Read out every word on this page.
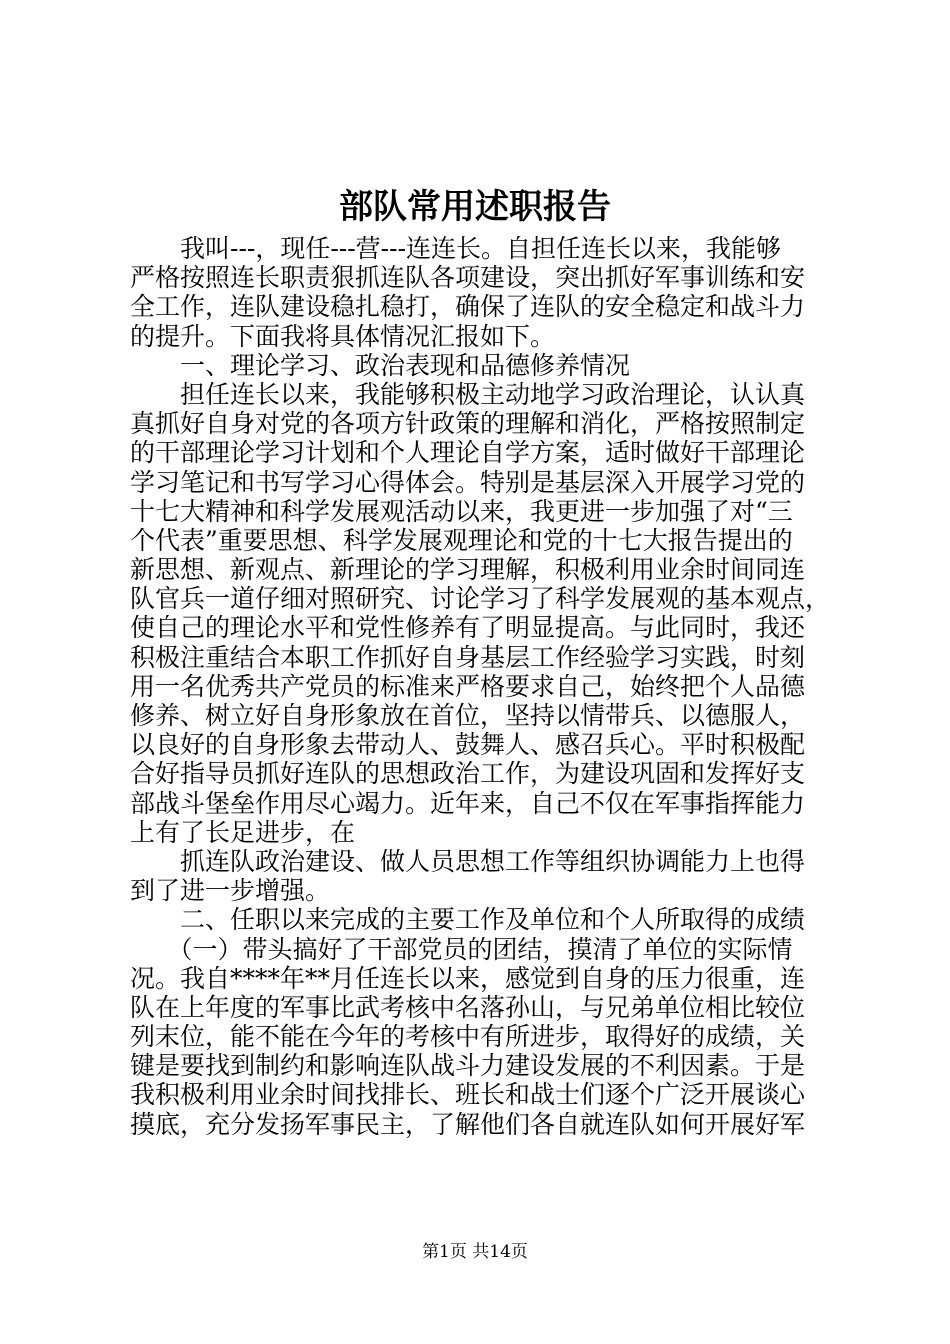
部队常用述职报告
　　我叫---，现任---营---连连长。自担任连长以来，我能够
严格按照连长职责狠抓连队各项建设，突出抓好军事训练和安
全工作，连队建设稳扎稳打，确保了连队的安全稳定和战斗力
的提升。下面我将具体情况汇报如下。
　　一、理论学习、政治表现和品德修养情况
　　担任连长以来，我能够积极主动地学习政治理论，认认真
真抓好自身对党的各项方针政策的理解和消化，严格按照制定
的干部理论学习计划和个人理论自学方案，适时做好干部理论
学习笔记和书写学习心得体会。特别是基层深入开展学习党的
十七大精神和科学发展观活动以来，我更进一步加强了对“三
个代表”重要思想、科学发展观理论和党的十七大报告提出的
新思想、新观点、新理论的学习理解，积极利用业余时间同连
队官兵一道仔细对照研究、讨论学习了科学发展观的基本观点，
使自己的理论水平和党性修养有了明显提高。与此同时，我还
积极注重结合本职工作抓好自身基层工作经验学习实践，时刻
用一名优秀共产党员的标准来严格要求自己，始终把个人品德
修养、树立好自身形象放在首位，坚持以情带兵、以德服人，
以良好的自身形象去带动人、鼓舞人、感召兵心。平时积极配
合好指导员抓好连队的思想政治工作，为建设巩固和发挥好支
部战斗堡垒作用尽心竭力。近年来，自己不仅在军事指挥能力
上有了长足进步，在
　　抓连队政治建设、做人员思想工作等组织协调能力上也得
到了进一步增强。
　　二、任职以来完成的主要工作及单位和个人所取得的成绩
　　（一）带头搞好了干部党员的团结，摸清了单位的实际情
况。我自****年**月任连长以来，感觉到自身的压力很重，连
队在上年度的军事比武考核中名落孙山，与兄弟单位相比较位
列末位，能不能在今年的考核中有所进步，取得好的成绩，关
键是要找到制约和影响连队战斗力建设发展的不利因素。于是
我积极利用业余时间找排长、班长和战士们逐个广泛开展谈心
摸底，充分发扬军事民主，了解他们各自就连队如何开展好军
第1页 共14页
